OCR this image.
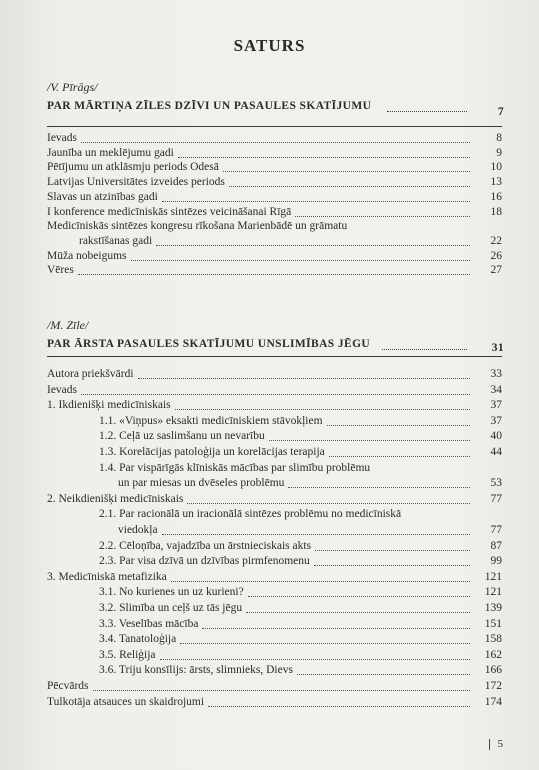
SATURS
/V. Pīrāgs/
PAR MĀRTIŅA ZĪLES DZĪVI UN PASAULES SKATĪJUMU	7
Ievads	8
Jaunība un meklējumu gadi	9
Pētījumu un atklāsmju periods Odesā	10
Latvijas Universitātes izveides periods	13
Slavas un atzinības gadi	16
I konference medicīniskās sintēzes veicināšanai Rīgā	18
Medicīniskās sintēzes kongresu rīkošana Marienbādē un grāmatu
rakstīšanas gadi	22
Mūža nobeigums	26
Vēres	27
/M. Zīle/
PAR ĀRSTA PASAULES SKATĪJUMU UNSLIMĪBAS JĒGU	31
Autora priekšvārdi	33
Ievads	34
1. Ikdienišķi medicīniskais	37
1.1. «Viņpus» eksakti medicīniskiem stāvokļiem	37
1.2. Ceļā uz saslimšanu un nevarību	40
1.3. Korelācijas patoloģija un korelācijas terapija	44
1.4. Par vispārīgās klīniskās mācības par slimību problēmu
un par miesas un dvēseles problēmu	53
2. Neikdienišķi medicīniskais	77
2.1. Par racionālā un iracionālā sintēzes problēmu no medicīniskā
viedokļa	77
2.2. Cēloņība, vajadzība un ārstnieciskais akts	87
2.3. Par visa dzīvā un dzīvības pirmfenomenu	99
3. Medicīniskā metafizika	121
3.1. No kurienes un uz kurieni?	121
3.2. Slimība un ceļš uz tās jēgu	139
3.3. Veselības mācība	151
3.4. Tanatoloģija	158
3.5. Reliģija	162
3.6. Triju konsīlijs: ārsts, slimnieks, Dievs	166
Pēcvārds	172
Tulkotāja atsauces un skaidrojumi	174
5
